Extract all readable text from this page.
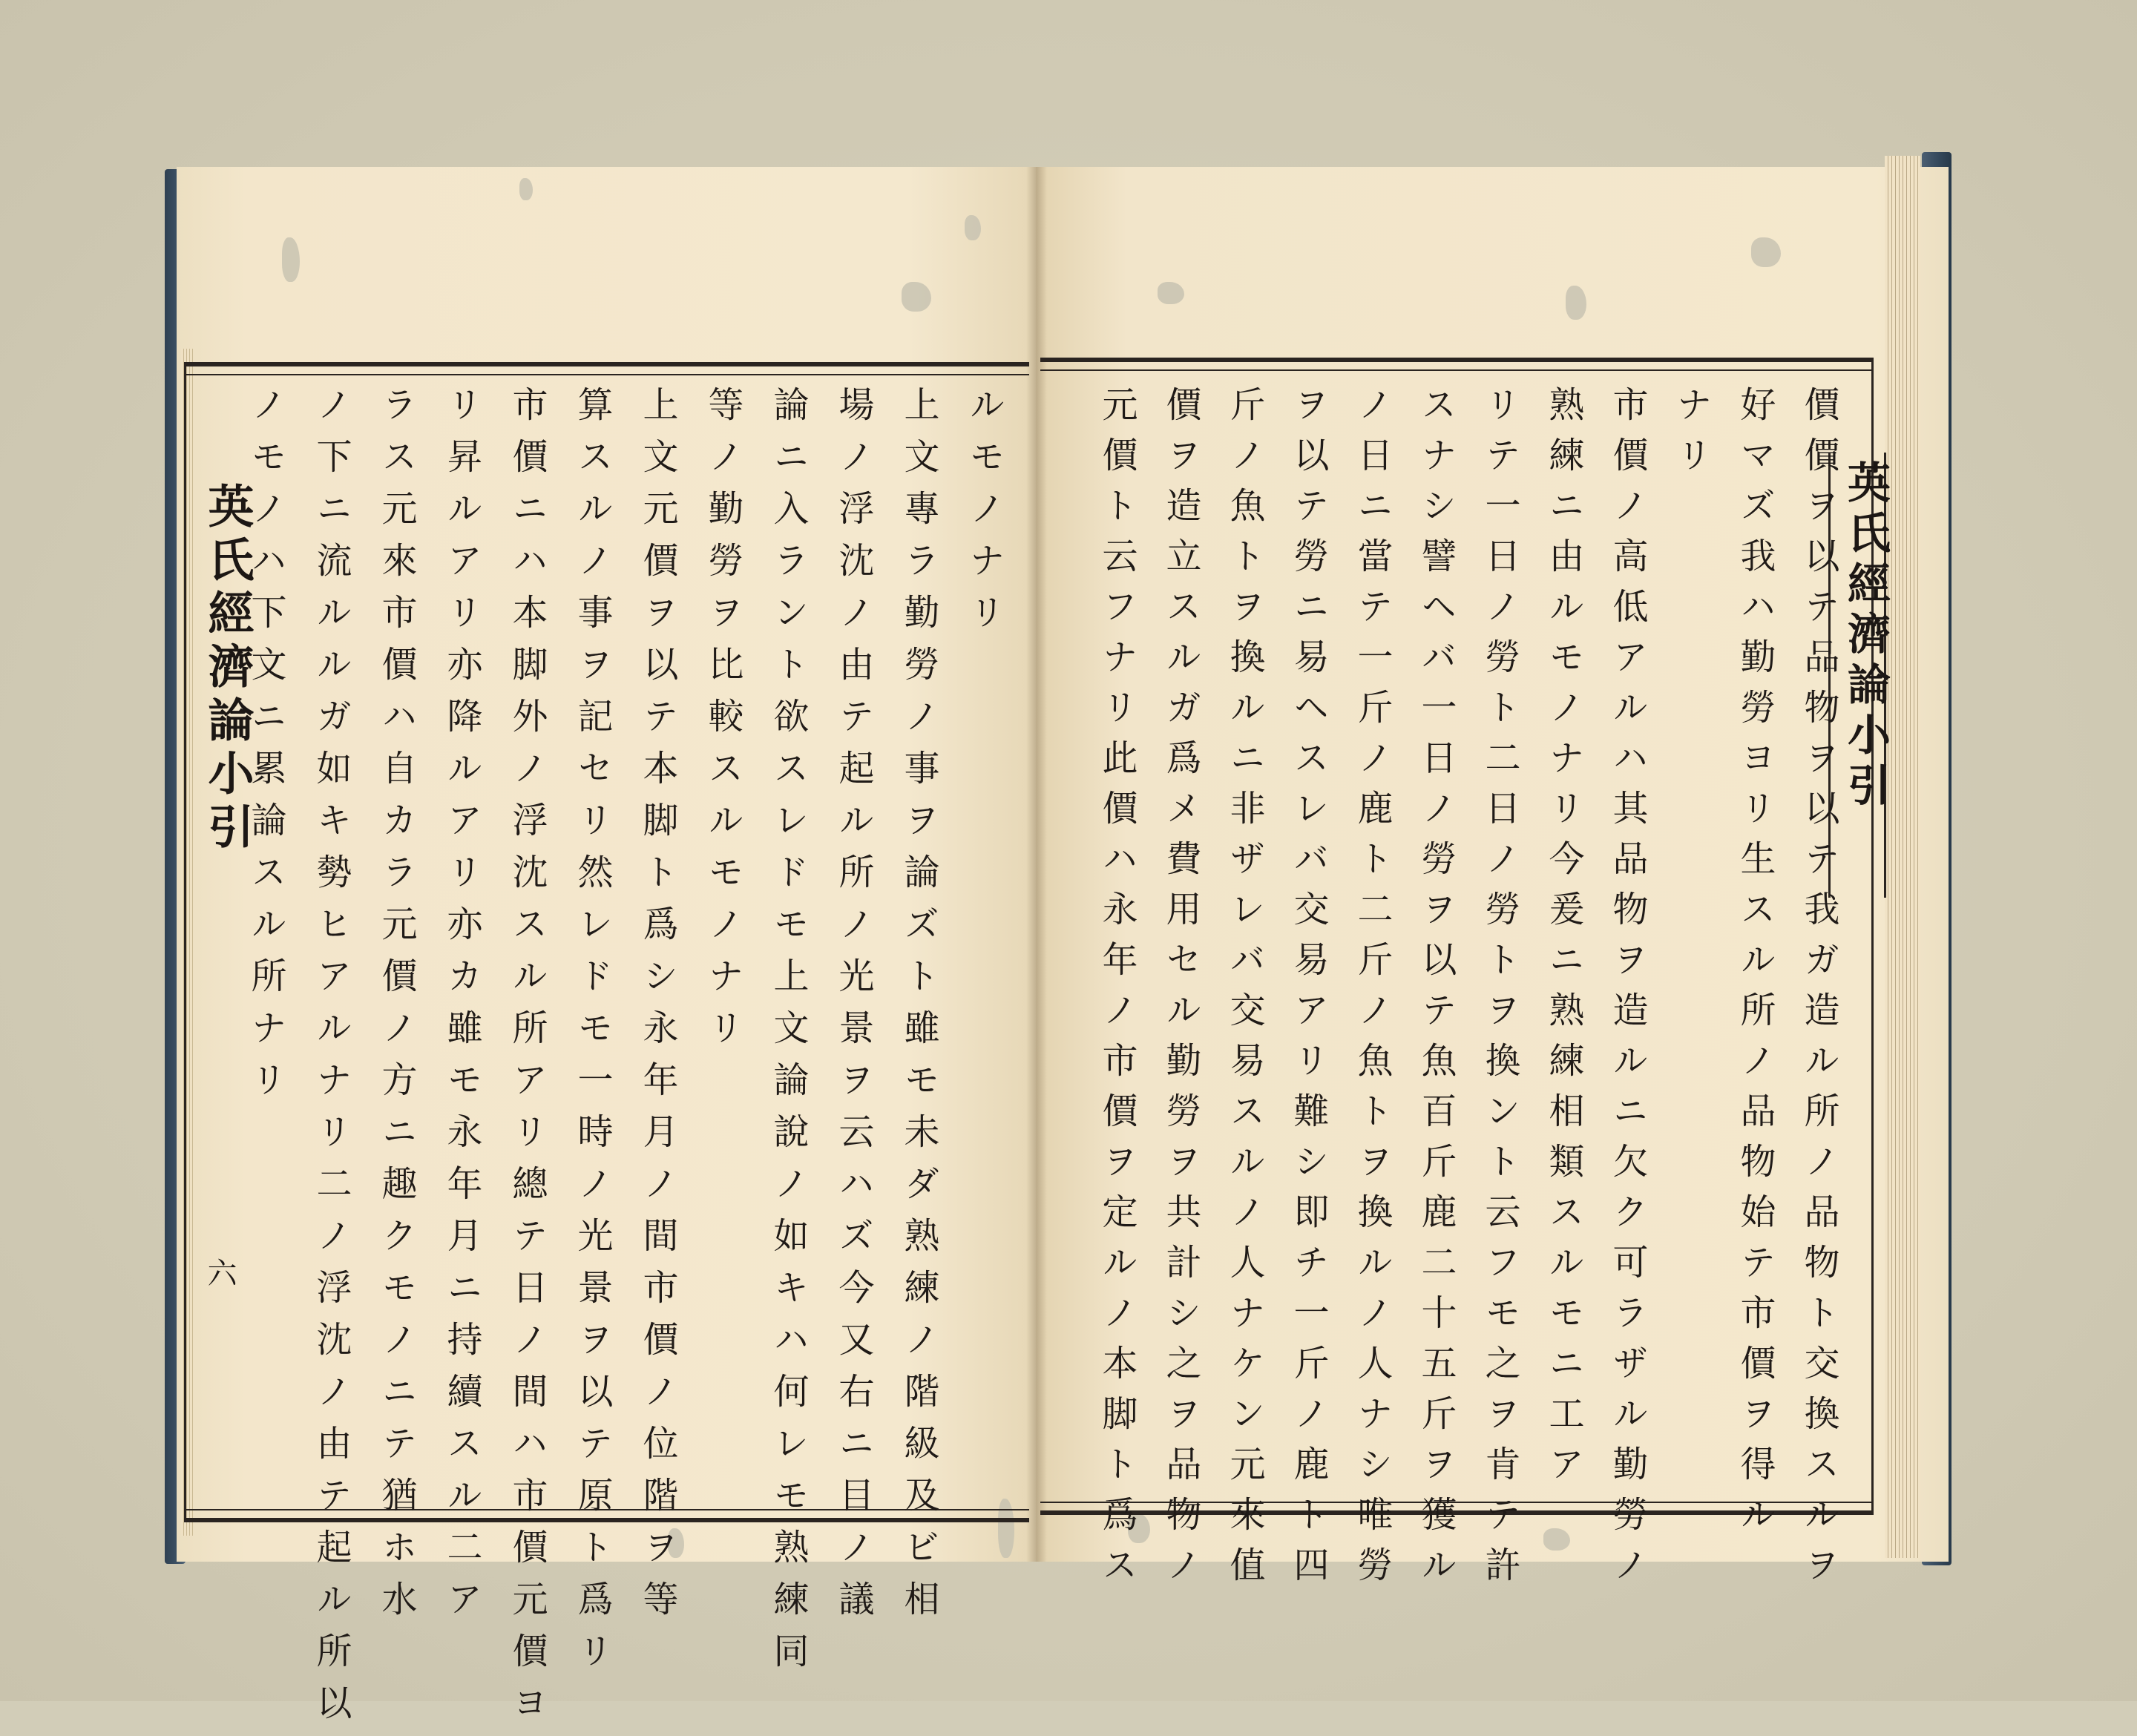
英氏經濟論小引	英氏經濟論小引
六
ルモノナリ
上文專ラ勤勞ノ事ヲ論ズト雖モ未ダ熟練ノ階級及ビ相
場ノ浮沈ノ由テ起ル所ノ光景ヲ云ハズ今又右ニ目ノ議
論ニ入ラント欲スレドモ上文論說ノ如キハ何レモ熟練同
等ノ勤勞ヲ比較スルモノナリ
上文元價ヲ以テ本脚ト爲シ永年月ノ間市價ノ位階ヲ等
算スルノ事ヲ記セリ然レドモ一時ノ光景ヲ以テ原ト爲リ
市價ニハ本脚外ノ浮沈スル所アリ總テ日ノ間ハ市價元價ヨ
リ昇ルアリ亦降ルアリ亦カ雖モ永年月ニ持續スル二ア
ラス元來市價ハ自カラ元價ノ方ニ趣クモノニテ猶ホ水
ノ下ニ流ルルガ如キ勢ヒアルナリ二ノ浮沈ノ由テ起ル所以
ノモノハ下文ニ累論スル所ナリ	價價ヲ以テ品物ヲ以テ我ガ造ル所ノ品物ト交換スルヲ
好マズ我ハ勤勞ヨリ生スル所ノ品物始テ市價ヲ得ル
ナリ
市價ノ高低アルハ其品物ヲ造ルニ欠ク可ラザル勤勞ノ
熟練ニ由ルモノナリ今爰ニ熟練相類スルモニ工ア
リテ一日ノ勞ト二日ノ勞トヲ換ント云フモ之ヲ肯テ許
スナシ譬ヘバ一日ノ勞ヲ以テ魚百斤鹿二十五斤ヲ獲ル
ノ日ニ當テ一斤ノ鹿ト二斤ノ魚トヲ換ルノ人ナシ唯勞
ヲ以テ勞ニ易ヘスレバ交易アリ難シ即チ一斤ノ鹿ト四
斤ノ魚トヲ換ルニ非ザレバ交易スルノ人ナケン元來值
價ヲ造立スルガ爲メ費用セル勤勞ヲ共計シ之ヲ品物ノ
元價ト云フナリ此價ハ永年ノ市價ヲ定ルノ本脚ト爲ス
